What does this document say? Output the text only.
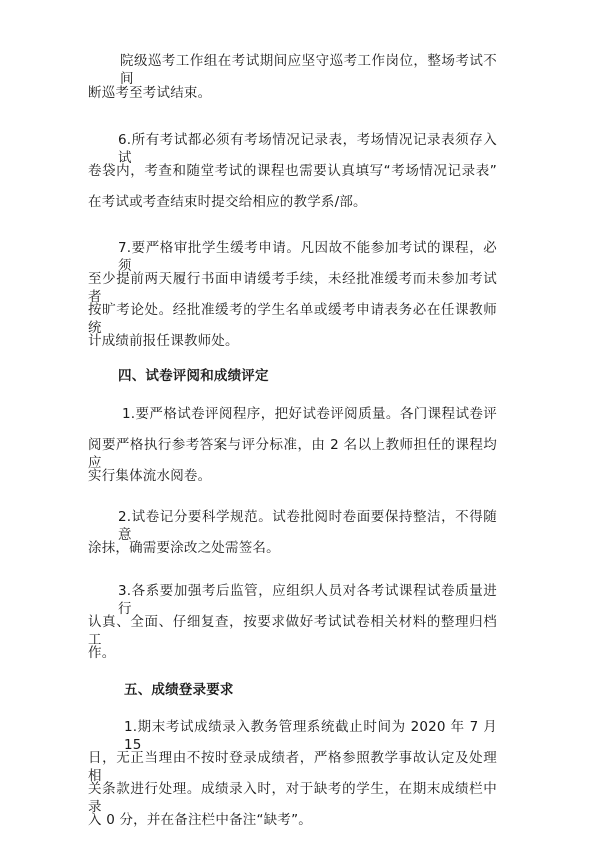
院级巡考工作组在考试期间应坚守巡考工作岗位，整场考试不间
断巡考至考试结束。
6.所有考试都必须有考场情况记录表，考场情况记录表须存入试
卷袋内，考查和随堂考试的课程也需要认真填写“考场情况记录表”
在考试或考查结束时提交给相应的教学系/部。
7.要严格审批学生缓考申请。凡因故不能参加考试的课程，必须
至少提前两天履行书面申请缓考手续，未经批准缓考而未参加考试者
按旷考论处。经批准缓考的学生名单或缓考申请表务必在任课教师统
计成绩前报任课教师处。
四、试卷评阅和成绩评定
1.要严格试卷评阅程序，把好试卷评阅质量。各门课程试卷评
阅要严格执行参考答案与评分标准，由 2 名以上教师担任的课程均应
实行集体流水阅卷。
2.试卷记分要科学规范。试卷批阅时卷面要保持整洁，不得随意
涂抹，确需要涂改之处需签名。
3.各系要加强考后监管，应组织人员对各考试课程试卷质量进行
认真、全面、仔细复查，按要求做好考试试卷相关材料的整理归档工
作。
五、成绩登录要求
1.期末考试成绩录入教务管理系统截止时间为 2020 年 7 月 15
日，无正当理由不按时登录成绩者，严格参照教学事故认定及处理相
关条款进行处理。成绩录入时，对于缺考的学生，在期末成绩栏中录
入 0 分，并在备注栏中备注“缺考”。
